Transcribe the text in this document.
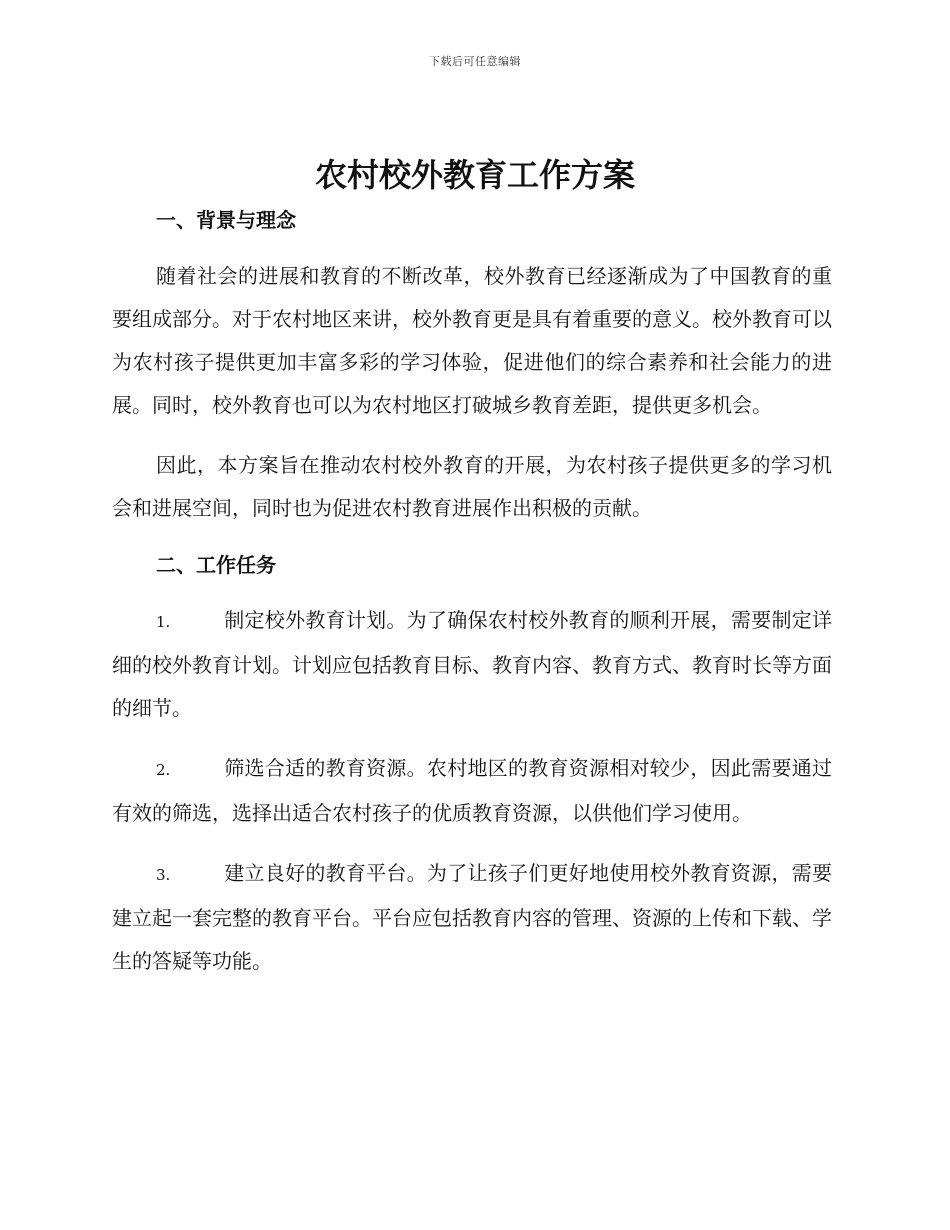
下载后可任意编辑
农村校外教育工作方案

一、背景与理念

随着社会的进展和教育的不断改革，校外教育已经逐渐成为了中国教育的重要组成部分。对于农村地区来讲，校外教育更是具有着重要的意义。校外教育可以为农村孩子提供更加丰富多彩的学习体验，促进他们的综合素养和社会能力的进展。同时，校外教育也可以为农村地区打破城乡教育差距，提供更多机会。

因此，本方案旨在推动农村校外教育的开展，为农村孩子提供更多的学习机会和进展空间，同时也为促进农村教育进展作出积极的贡献。

二、工作任务

1.	制定校外教育计划。为了确保农村校外教育的顺利开展，需要制定详细的校外教育计划。计划应包括教育目标、教育内容、教育方式、教育时长等方面的细节。
2.	筛选合适的教育资源。农村地区的教育资源相对较少，因此需要通过有效的筛选，选择出适合农村孩子的优质教育资源，以供他们学习使用。
3.	建立良好的教育平台。为了让孩子们更好地使用校外教育资源，需要建立起一套完整的教育平台。平台应包括教育内容的管理、资源的上传和下载、学生的答疑等功能。
